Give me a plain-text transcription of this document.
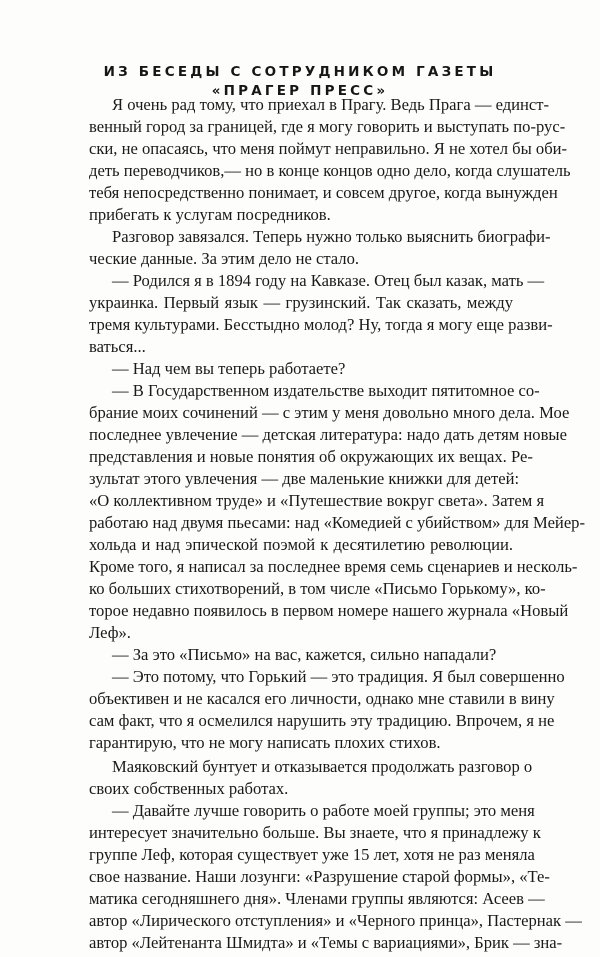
ИЗ БЕСЕДЫ С СОТРУДНИКОМ ГАЗЕТЫ
«ПРАГЕР ПРЕСС»
Я очень рад тому, что приехал в Прагу. Ведь Прага — единст-
венный город за границей, где я могу говорить и выступать по-рус-
ски, не опасаясь, что меня поймут неправильно. Я не хотел бы оби-
деть переводчиков,— но в конце концов одно дело, когда слушатель
тебя непосредственно понимает, и совсем другое, когда вынужден
прибегать к услугам посредников.
Разговор завязался. Теперь нужно только выяснить биографи-
ческие данные. За этим дело не стало.
— Родился я в 1894 году на Кавказе. Отец был казак, мать —
украинка. Первый язык — грузинский. Так сказать, между
тремя культурами. Бесстыдно молод? Ну, тогда я могу еще разви-
ваться...
— Над чем вы теперь работаете?
— В Государственном издательстве выходит пятитомное со-
брание моих сочинений — с этим у меня довольно много дела. Мое
последнее увлечение — детская литература: надо дать детям новые
представления и новые понятия об окружающих их вещах. Ре-
зультат этого увлечения — две маленькие книжки для детей:
«О коллективном труде» и «Путешествие вокруг света». Затем я
работаю над двумя пьесами: над «Комедией с убийством» для Мейер-
хольда и над эпической поэмой к десятилетию революции.
Кроме того, я написал за последнее время семь сценариев и несколь-
ко больших стихотворений, в том числе «Письмо Горькому», ко-
торое недавно появилось в первом номере нашего журнала «Новый
Леф».
— За это «Письмо» на вас, кажется, сильно нападали?
— Это потому, что Горький — это традиция. Я был совершенно
объективен и не касался его личности, однако мне ставили в вину
сам факт, что я осмелился нарушить эту традицию. Впрочем, я не
гарантирую, что не могу написать плохих стихов.
Маяковский бунтует и отказывается продолжать разговор о
своих собственных работах.
— Давайте лучше говорить о работе моей группы; это меня
интересует значительно больше. Вы знаете, что я принадлежу к
группе Леф, которая существует уже 15 лет, хотя не раз меняла
свое название. Наши лозунги: «Разрушение старой формы», «Те-
матика сегодняшнего дня». Членами группы являются: Асеев —
автор «Лирического отступления» и «Черного принца», Пастернак —
автор «Лейтенанта Шмидта» и «Темы с вариациями», Брик — зна-
